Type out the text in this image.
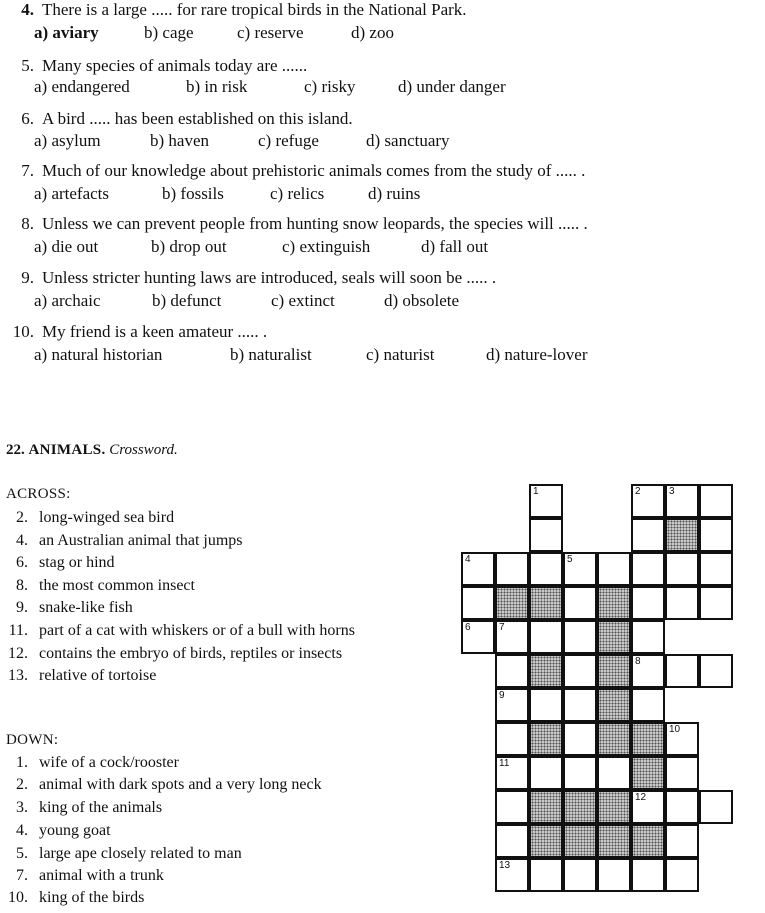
4. There is a large ..... for rare tropical birds in the National Park.
a) aviary	b) cage	c) reserve	d) zoo
5. Many species of animals today are ......
a) endangered	b) in risk	c) risky	d) under danger
6. A bird ..... has been established on this island.
a) asylum	b) haven	c) refuge	d) sanctuary
7. Much of our knowledge about prehistoric animals comes from the study of ..... .
a) artefacts	b) fossils	c) relics	d) ruins
8. Unless we can prevent people from hunting snow leopards, the species will ..... .
a) die out	b) drop out	c) extinguish	d) fall out
9. Unless stricter hunting laws are introduced, seals will soon be ..... .
a) archaic	b) defunct	c) extinct	d) obsolete
10. My friend is a keen amateur ..... .
a) natural historian	b) naturalist	c) naturist	d) nature-lover
22. ANIMALS. Crossword.
ACROSS:
2. long-winged sea bird
4. an Australian animal that jumps
6. stag or hind
8. the most common insect
9. snake-like fish
11. part of a cat with whiskers or of a bull with horns
12. contains the embryo of birds, reptiles or insects
13. relative of tortoise
DOWN:
1. wife of a cock/rooster
2. animal with dark spots and a very long neck
3. king of the animals
4. young goat
5. large ape closely related to man
7. animal with a trunk
10. king of the birds
1	2	3
4	5
6	7
8
9
10
11
12
13
